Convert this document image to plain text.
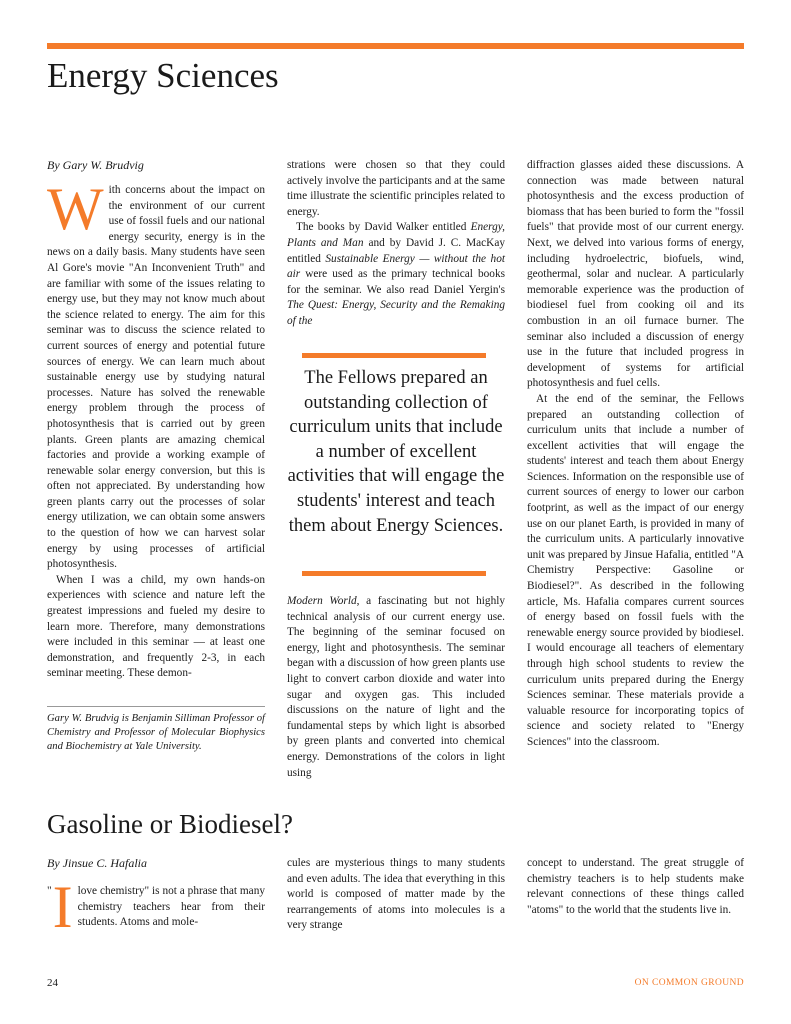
Energy Sciences
By Gary W. Brudvig

W ith concerns about the impact on the environment of our current use of fossil fuels and our national energy security, energy is in the news on a daily basis. Many students have seen Al Gore's movie "An Inconvenient Truth" and are familiar with some of the issues relating to energy use, but they may not know much about the science related to energy. The aim for this seminar was to discuss the science related to current sources of energy and potential future sources of energy. We can learn much about sustainable energy use by studying natural processes. Nature has solved the renewable energy problem through the process of photosynthesis that is carried out by green plants. Green plants are amazing chemical factories and provide a working example of renewable solar energy conversion, but this is often not appreciated. By understanding how green plants carry out the processes of solar energy utilization, we can obtain some answers to the question of how we can harvest solar energy by using processes of artificial photosynthesis.

When I was a child, my own hands-on experiences with science and nature left the greatest impressions and fueled my desire to learn more. Therefore, many demonstrations were included in this seminar — at least one demonstration, and frequently 2-3, in each seminar meeting. These demon-

Gary W. Brudvig is Benjamin Silliman Professor of Chemistry and Professor of Molecular Biophysics and Biochemistry at Yale University.

strations were chosen so that they could actively involve the participants and at the same time illustrate the scientific principles related to energy.

The books by David Walker entitled Energy, Plants and Man and by David J. C. MacKay entitled Sustainable Energy — without the hot air were used as the primary technical books for the seminar. We also read Daniel Yergin's The Quest: Energy, Security and the Remaking of the

The Fellows prepared an outstanding collection of curriculum units that include a number of excellent activities that will engage the students' interest and teach them about Energy Sciences.

Modern World, a fascinating but not highly technical analysis of our current energy use. The beginning of the seminar focused on energy, light and photosynthesis. The seminar began with a discussion of how green plants use light to convert carbon dioxide and water into sugar and oxygen gas. This included discussions on the nature of light and the fundamental steps by which light is absorbed by green plants and converted into chemical energy. Demonstrations of the colors in light using

diffraction glasses aided these discussions. A connection was made between natural photosynthesis and the excess production of biomass that has been buried to form the "fossil fuels" that provide most of our current energy. Next, we delved into various forms of energy, including hydroelectric, biofuels, wind, geothermal, solar and nuclear. A particularly memorable experience was the production of biodiesel fuel from cooking oil and its combustion in an oil furnace burner. The seminar also included a discussion of energy use in the future that included progress in development of systems for artificial photosynthesis and fuel cells.

At the end of the seminar, the Fellows prepared an outstanding collection of curriculum units that include a number of excellent activities that will engage the students' interest and teach them about Energy Sciences. Information on the responsible use of current sources of energy to lower our carbon footprint, as well as the impact of our energy use on our planet Earth, is provided in many of the curriculum units. A particularly innovative unit was prepared by Jinsue Hafalia, entitled "A Chemistry Perspective: Gasoline or Biodiesel?". As described in the following article, Ms. Hafalia compares current sources of energy based on fossil fuels with the renewable energy source provided by biodiesel. I would encourage all teachers of elementary through high school students to review the curriculum units prepared during the Energy Sciences seminar. These materials provide a valuable resource for incorporating topics of science and society related to "Energy Sciences" into the classroom.

Gasoline or Biodiesel?
By Jinsue C. Hafalia
" I love chemistry" is not a phrase that many chemistry teachers hear from their students. Atoms and mole-
cules are mysterious things to many students and even adults. The idea that everything in this world is composed of matter made by the rearrangements of atoms into molecules is a very strange
concept to understand. The great struggle of chemistry teachers is to help students make relevant connections of these things called "atoms" to the world that the students live in.
24	ON COMMON GROUND
